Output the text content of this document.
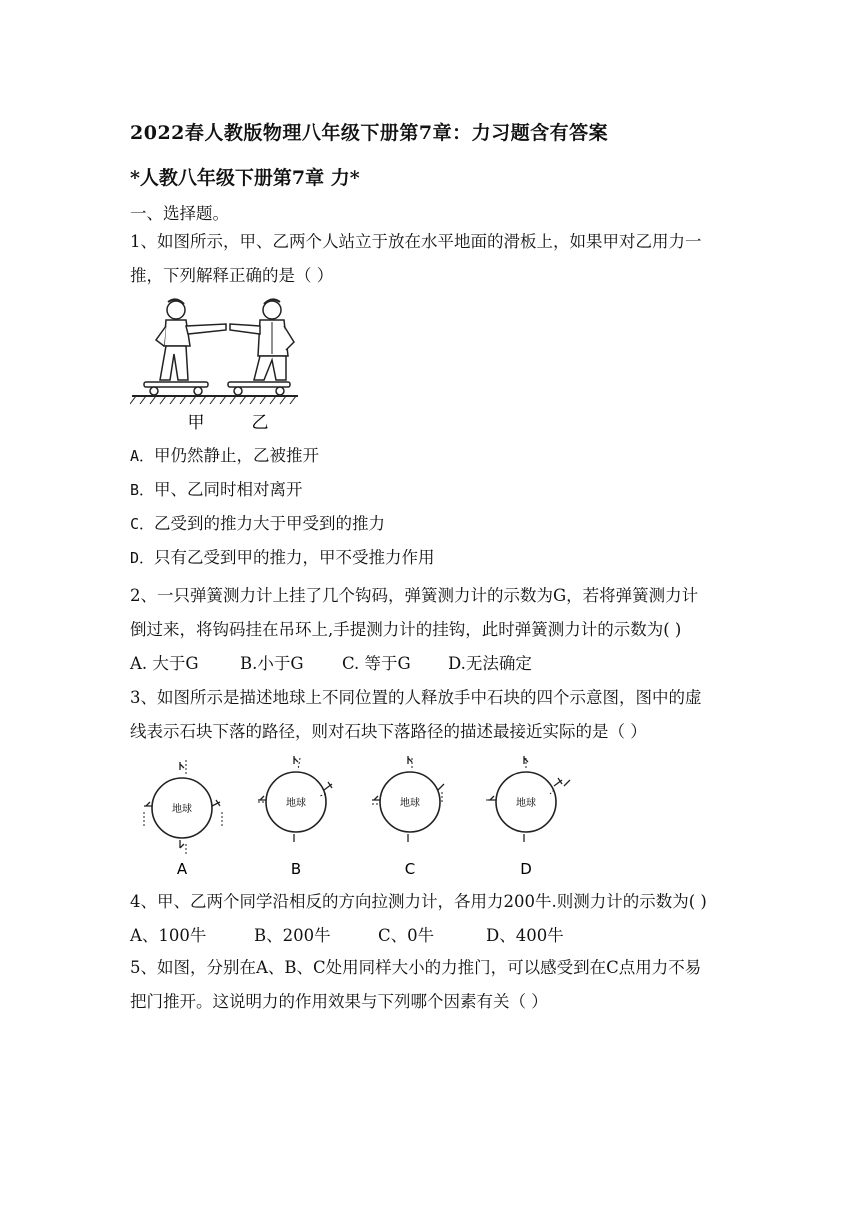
2022春人教版物理八年级下册第7章：力习题含有答案
*人教八年级下册第7章 力*
一、选择题。
1、如图所示，甲、乙两个人站立于放在水平地面的滑板上，如果甲对乙用力一
推，下列解释正确的是（ ）
甲	乙
A．甲仍然静止，乙被推开
B．甲、乙同时相对离开
C．乙受到的推力大于甲受到的推力
D．只有乙受到甲的推力，甲不受推力作用
2、一只弹簧测力计上挂了几个钩码，弹簧测力计的示数为G，若将弹簧测力计
倒过来，将钩码挂在吊环上,手提测力计的挂钩，此时弹簧测力计的示数为( )
A. 大于G	B.小于G C. 等于G D.无法确定
3、如图所示是描述地球上不同位置的人释放手中石块的四个示意图，图中的虚
线表示石块下落的路径，则对石块下落路径的描述最接近实际的是（ ）
地球
A
地球
B
地球
C
地球
D
4、甲、乙两个同学沿相反的方向拉测力计，各用力200牛.则测力计的示数为( )
A、100牛	B、200牛	C、0牛	D、400牛
5、如图，分别在A、B、C处用同样大小的力推门，可以感受到在C点用力不易
把门推开。这说明力的作用效果与下列哪个因素有关（ ）
